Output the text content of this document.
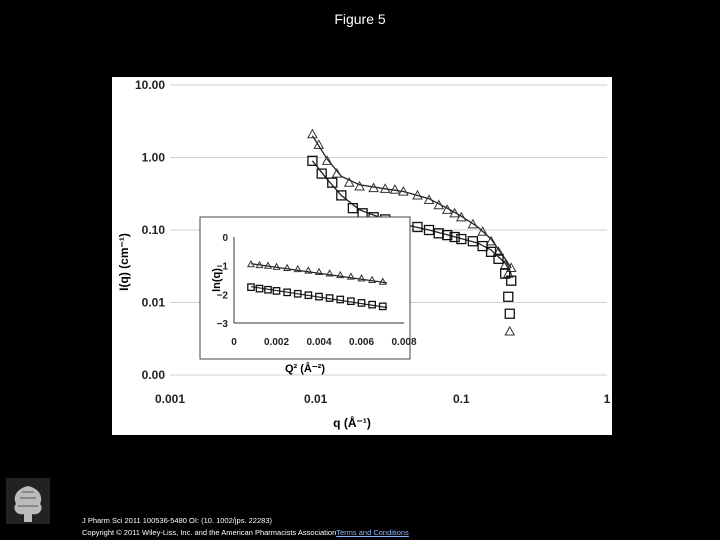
Figure 5
0.00
0.01
0.10
1.00
10.00
0.001	0.01	0.1	1
q (Å⁻¹)
I(q) (cm⁻¹)	0
−1
−2
−3
0	0.002 0.004 0.006 0.008
Q² (Å⁻²)
ln(q)
J Pharm Sci 2011 100536-5480 OI: (10. 1002/jps. 22283)
Copyright © 2011 Wiley-Liss, Inc. and the American Pharmacists AssociationTerms and Conditions
